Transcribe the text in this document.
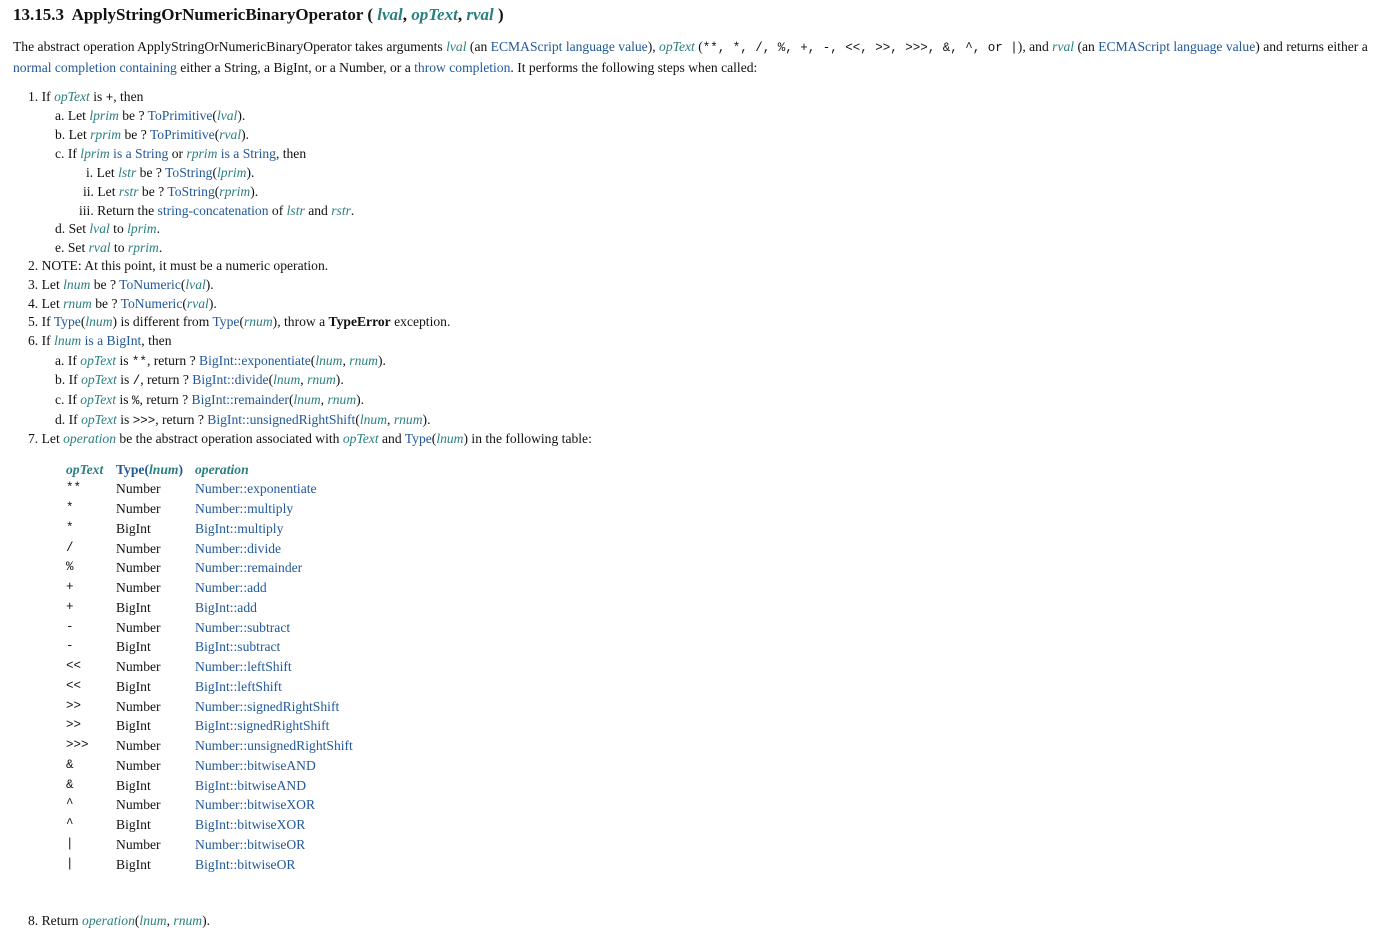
13.15.3 ApplyStringOrNumericBinaryOperator ( lval, opText, rval )

The abstract operation ApplyStringOrNumericBinaryOperator takes arguments lval (an ECMAScript language value), opText (**, *, /, %, +, -, <<, >>, >>>, &, ^, or |), and rval (an ECMAScript language value) and returns either a normal completion containing either a String, a BigInt, or a Number, or a throw completion. It performs the following steps when called:

1. If opText is +, then
a. Let lprim be ? ToPrimitive(lval).
b. Let rprim be ? ToPrimitive(rval).
c. If lprim is a String or rprim is a String, then
i. Let lstr be ? ToString(lprim).
ii. Let rstr be ? ToString(rprim).
iii. Return the string-concatenation of lstr and rstr.
d. Set lval to lprim.
e. Set rval to rprim.
2. NOTE: At this point, it must be a numeric operation.
3. Let lnum be ? ToNumeric(lval).
4. Let rnum be ? ToNumeric(rval).
5. If Type(lnum) is different from Type(rnum), throw a TypeError exception.
6. If lnum is a BigInt, then
a. If opText is **, return ? BigInt::exponentiate(lnum, rnum).
b. If opText is /, return ? BigInt::divide(lnum, rnum).
c. If opText is %, return ? BigInt::remainder(lnum, rnum).
d. If opText is >>>, return ? BigInt::unsignedRightShift(lnum, rnum).
7. Let operation be the abstract operation associated with opText and Type(lnum) in the following table:
opText	Type(lnum)	operation
**	Number	Number::exponentiate
*	Number	Number::multiply
*	BigInt	BigInt::multiply
/	Number	Number::divide
%	Number	Number::remainder
+	Number	Number::add
+	BigInt	BigInt::add
-	Number	Number::subtract
-	BigInt	BigInt::subtract
<<	Number	Number::leftShift
<<	BigInt	BigInt::leftShift
>>	Number	Number::signedRightShift
>>	BigInt	BigInt::signedRightShift
>>>	Number	Number::unsignedRightShift
&	Number	Number::bitwiseAND
&	BigInt	BigInt::bitwiseAND
^	Number	Number::bitwiseXOR
^	BigInt	BigInt::bitwiseXOR
|	Number	Number::bitwiseOR
|	BigInt	BigInt::bitwiseOR
8. Return operation(lnum, rnum).
